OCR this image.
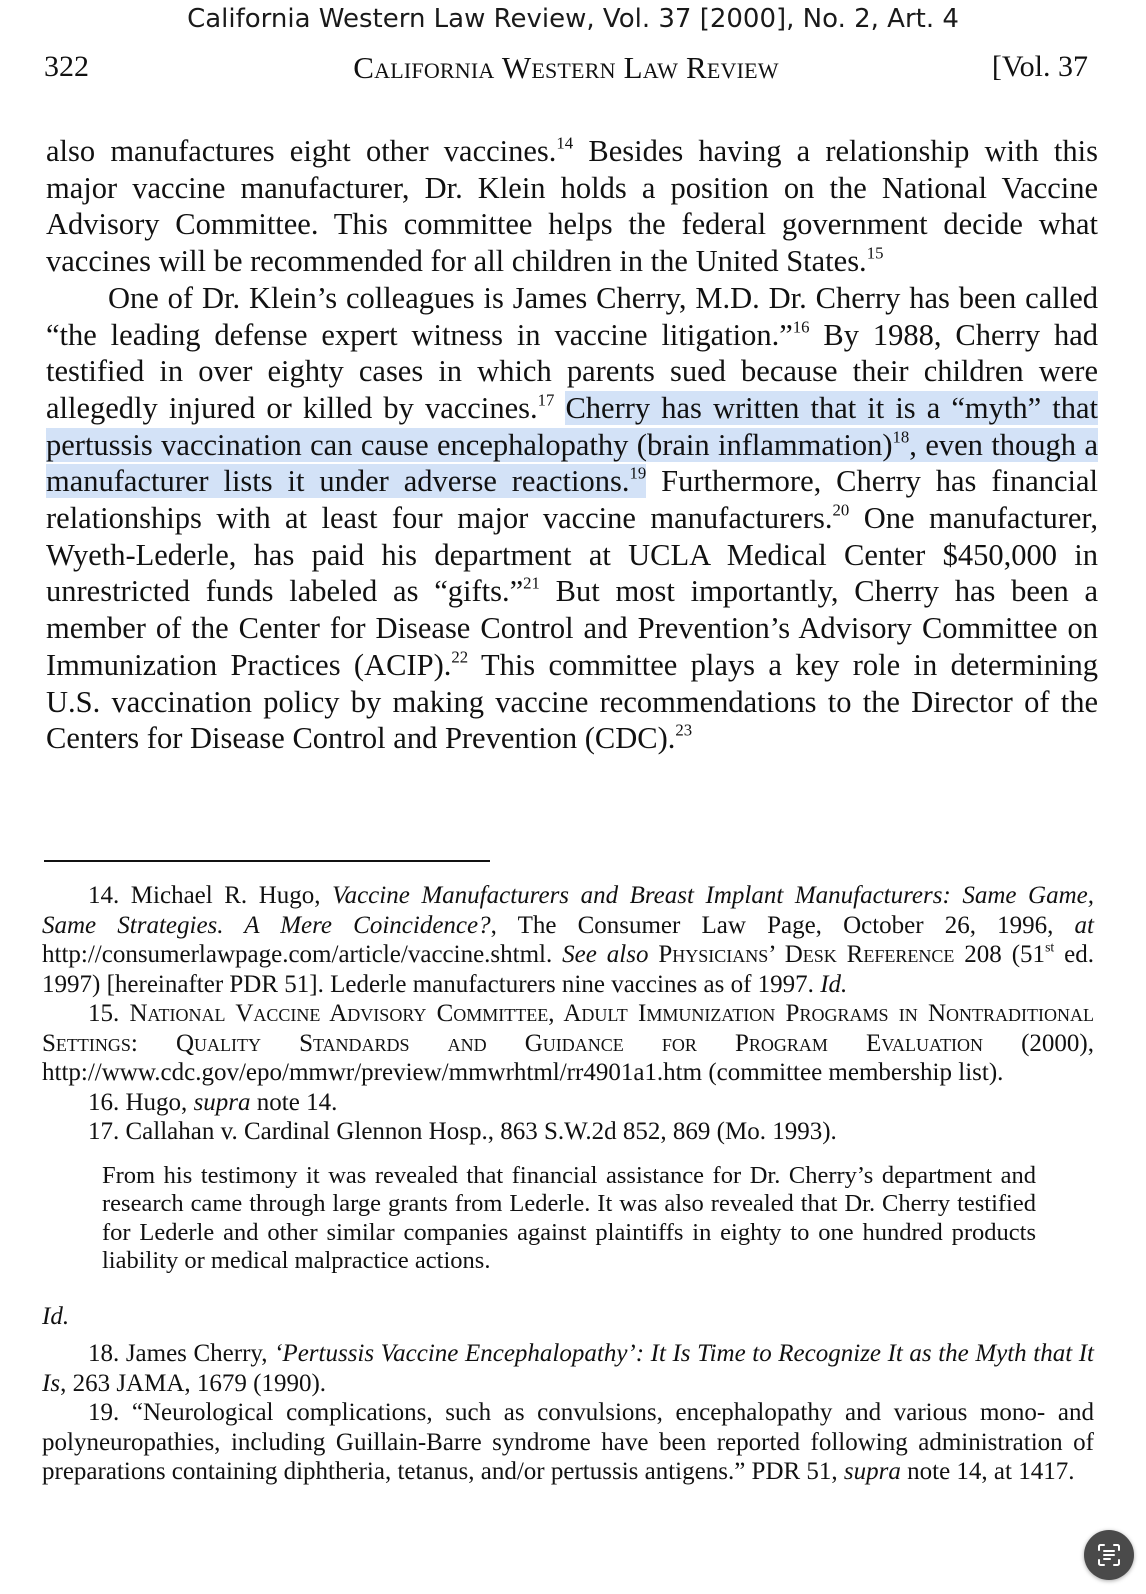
California Western Law Review, Vol. 37 [2000], No. 2, Art. 4
322	California Western Law Review	[Vol. 37

also manufactures eight other vaccines.$^{14}$ Besides having a relationship with this major vaccine manufacturer, Dr. Klein holds a position on the National Vaccine Advisory Committee. This committee helps the federal government decide what vaccines will be recommended for all children in the United States.$^{15}$

One of Dr. Klein’s colleagues is James Cherry, M.D. Dr. Cherry has been called “the leading defense expert witness in vaccine litigation.”$^{16}$ By 1988, Cherry had testified in over eighty cases in which parents sued because their children were allegedly injured or killed by vaccines.$^{17}$ Cherry has written that it is a “myth” that pertussis vaccination can cause encephalopathy (brain inflammation)$^{18}$, even though a manufacturer lists it under adverse reactions.$^{19}$ Furthermore, Cherry has financial relationships with at least four major vaccine manufacturers.$^{20}$ One manufacturer, Wyeth-Lederle, has paid his department at UCLA Medical Center $450,000 in unrestricted funds labeled as “gifts.”$^{21}$ But most importantly, Cherry has been a member of the Center for Disease Control and Prevention’s Advisory Committee on Immunization Practices (ACIP).$^{22}$ This committee plays a key role in determining U.S. vaccination policy by making vaccine recommendations to the Director of the Centers for Disease Control and Prevention (CDC).$^{23}$

14. Michael R. Hugo, Vaccine Manufacturers and Breast Implant Manufacturers: Same Game, Same Strategies. A Mere Coincidence?, The Consumer Law Page, October 26, 1996, at http://consumerlawpage.com/article/vaccine.shtml. See also Physicians’ Desk Reference 208 (51st ed. 1997) [hereinafter PDR 51]. Lederle manufacturers nine vaccines as of 1997. Id.

15. National Vaccine Advisory Committee, Adult Immunization Programs in Nontraditional Settings: Quality Standards and Guidance for Program Evaluation (2000), http://www.cdc.gov/epo/mmwr/preview/mmwrhtml/rr4901a1.htm (committee membership list).

16. Hugo, supra note 14.

17. Callahan v. Cardinal Glennon Hosp., 863 S.W.2d 852, 869 (Mo. 1993).

From his testimony it was revealed that financial assistance for Dr. Cherry’s department and research came through large grants from Lederle. It was also revealed that Dr. Cherry testified for Lederle and other similar companies against plaintiffs in eighty to one hundred products liability or medical malpractice actions.

Id.

18. James Cherry, ‘Pertussis Vaccine Encephalopathy’: It Is Time to Recognize It as the Myth that It Is, 263 JAMA, 1679 (1990).

19. “Neurological complications, such as convulsions, encephalopathy and various mono- and polyneuropathies, including Guillain-Barre syndrome have been reported following administration of preparations containing diphtheria, tetanus, and/or pertussis antigens.” PDR 51, supra note 14, at 1417.
